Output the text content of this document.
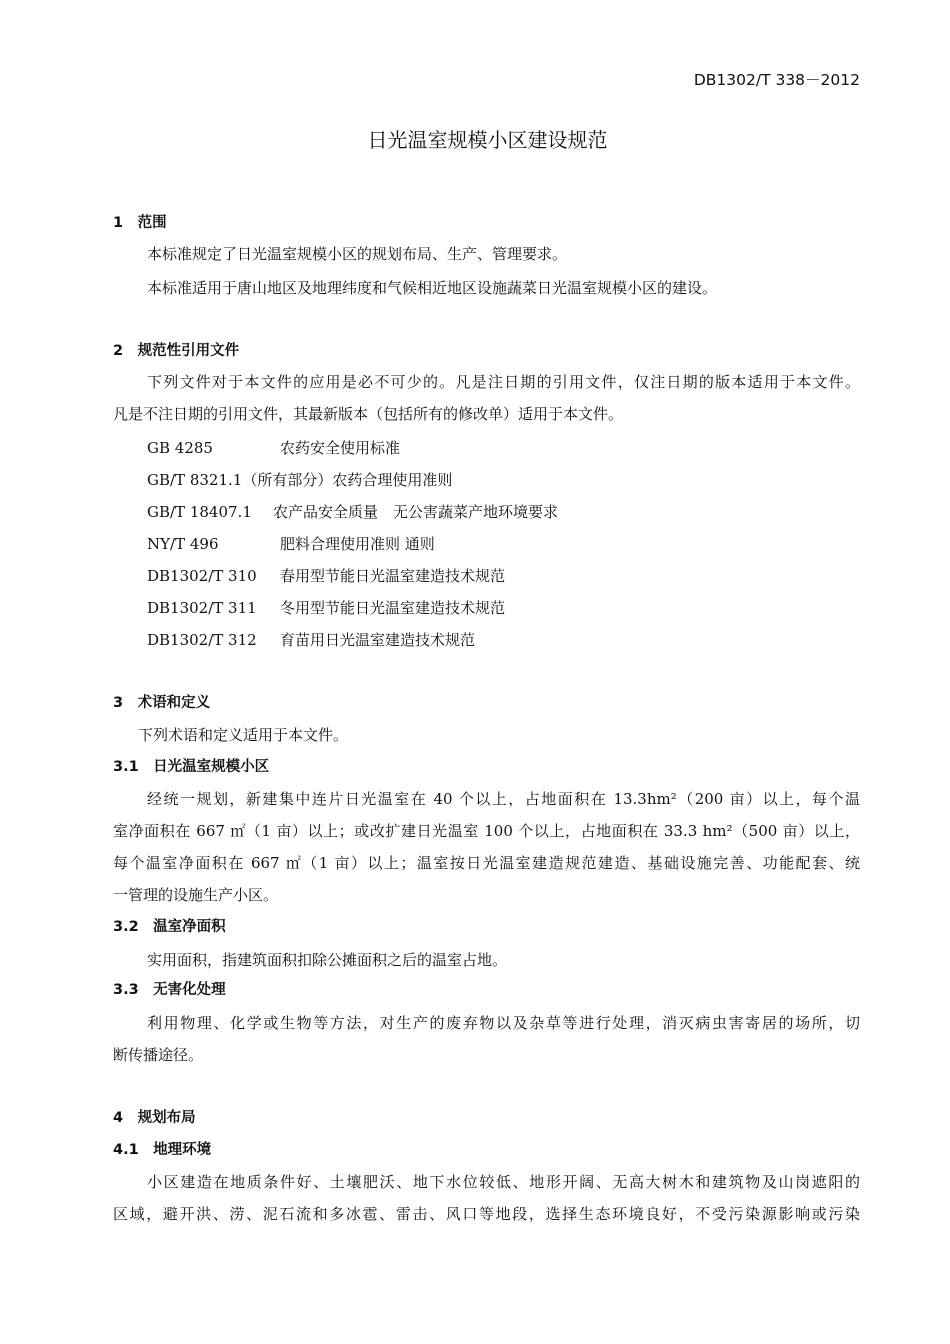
DB1302/T 338－2012
日光温室规模小区建设规范
1　范围
本标准规定了日光温室规模小区的规划布局、生产、管理要求。
本标准适用于唐山地区及地理纬度和气候相近地区设施蔬菜日光温室规模小区的建设。
2　规范性引用文件
下列文件对于本文件的应用是必不可少的。凡是注日期的引用文件，仅注日期的版本适用于本文件。
凡是不注日期的引用文件，其最新版本（包括所有的修改单）适用于本文件。
GB 4285	农药安全使用标准
GB/T 8321.1（所有部分）农药合理使用准则
GB/T 18407.1 农产品安全质量　无公害蔬菜产地环境要求
NY/T 496	肥料合理使用准则 通则
DB1302/T 310 春用型节能日光温室建造技术规范
DB1302/T 311 冬用型节能日光温室建造技术规范
DB1302/T 312 育苗用日光温室建造技术规范
3　术语和定义
下列术语和定义适用于本文件。
3.1　日光温室规模小区
经统一规划，新建集中连片日光温室在 40 个以上，占地面积在 13.3hm²（200 亩）以上，每个温
室净面积在 667 ㎡（1 亩）以上；或改扩建日光温室 100 个以上，占地面积在 33.3 hm²（500 亩）以上，
每个温室净面积在 667 ㎡（1 亩）以上；温室按日光温室建造规范建造、基础设施完善、功能配套、统
一管理的设施生产小区。
3.2　温室净面积
实用面积，指建筑面积扣除公摊面积之后的温室占地。
3.3　无害化处理
利用物理、化学或生物等方法，对生产的废弃物以及杂草等进行处理，消灭病虫害寄居的场所，切
断传播途径。
4　规划布局
4.1　地理环境
小区建造在地质条件好、土壤肥沃、地下水位较低、地形开阔、无高大树木和建筑物及山岗遮阳的
区域，避开洪、涝、泥石流和多冰雹、雷击、风口等地段，选择生态环境良好，不受污染源影响或污染
